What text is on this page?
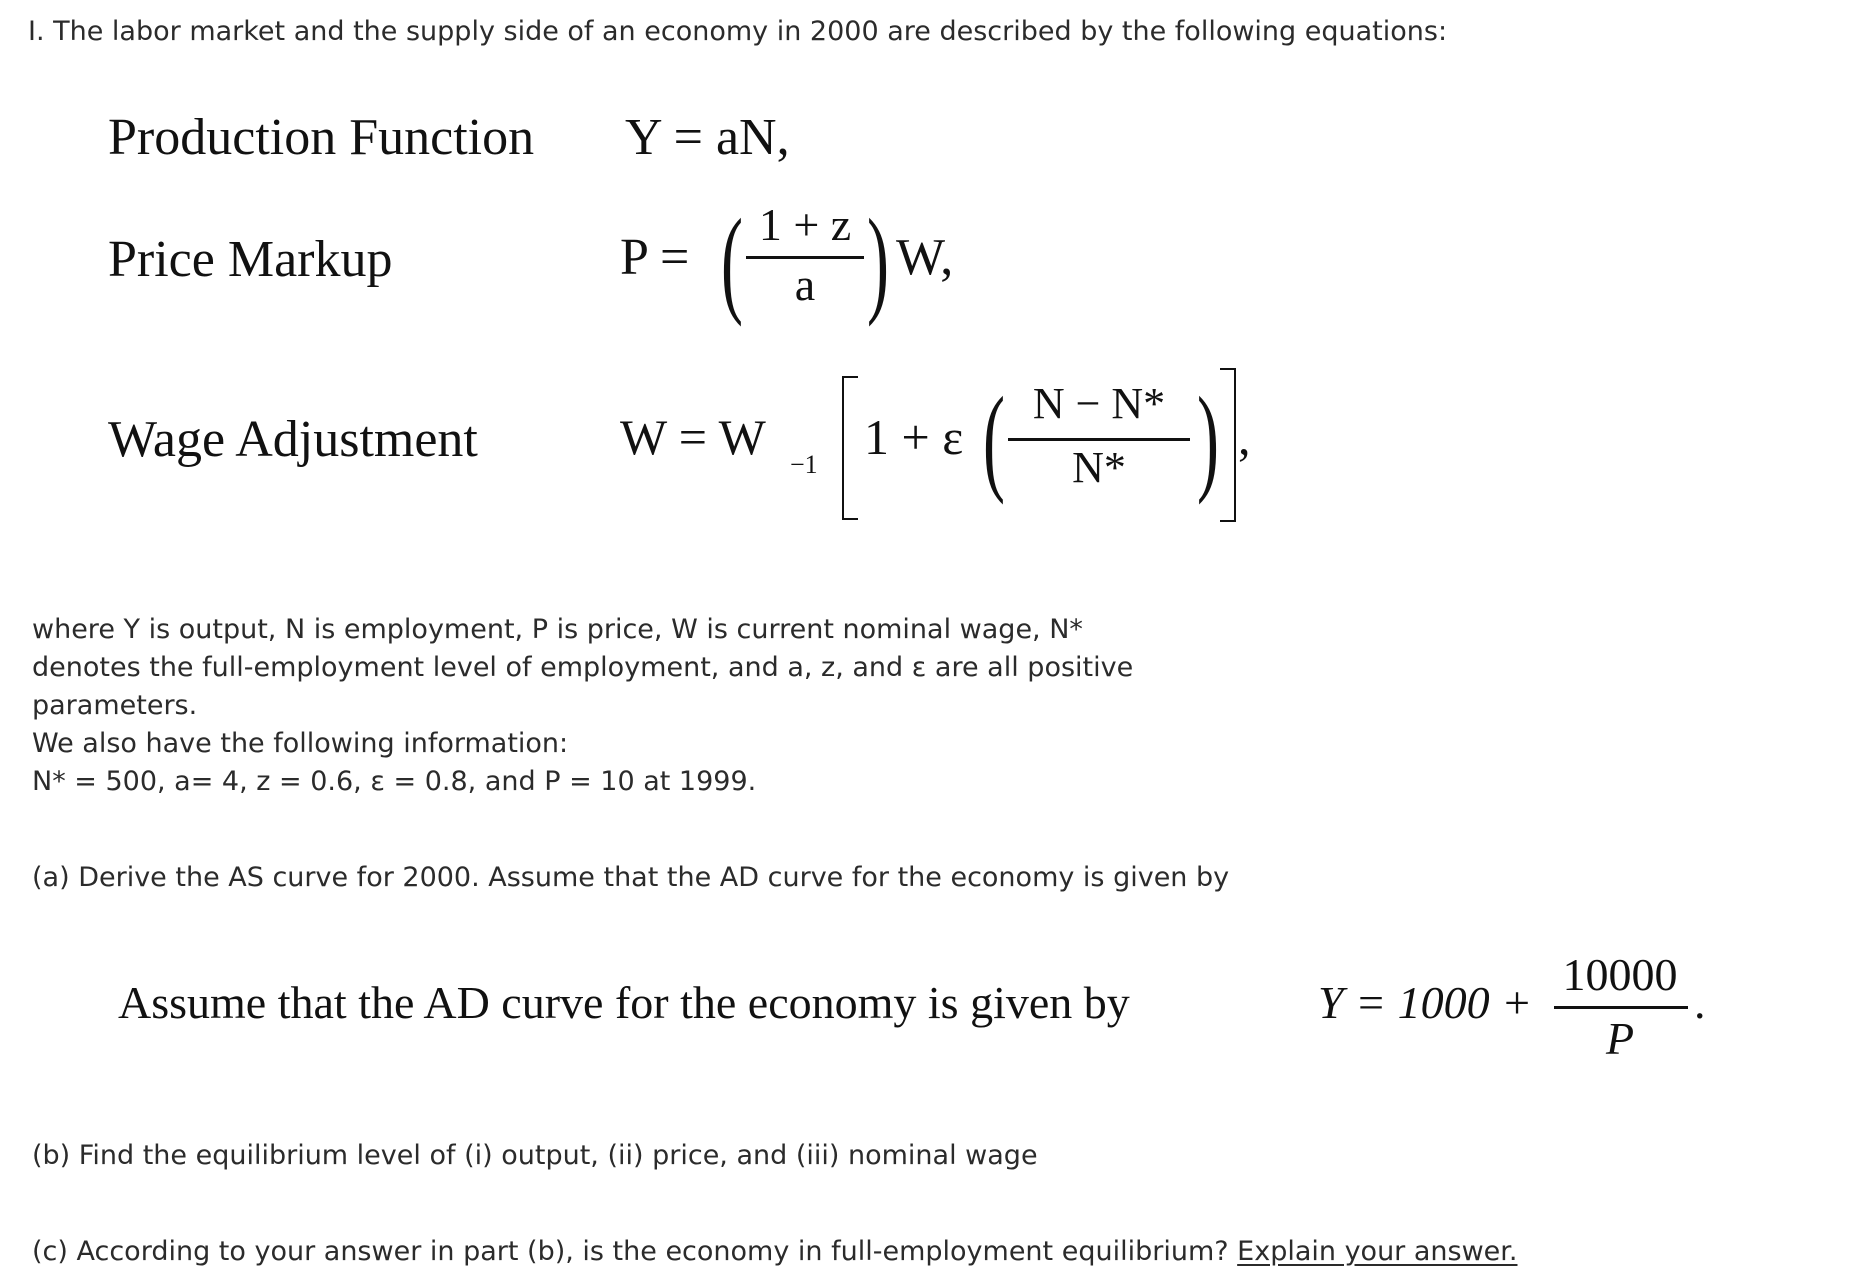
I. The labor market and the supply side of an economy in 2000 are described by the following equations:
Production Function Y = aN,
Price Markup	P = ( 1 + z
a ) W,
Wage Adjustment	W = W −1 1 + ε ( N − N*
N* ) ,
where Y is output, N is employment, P is price, W is current nominal wage, N*
denotes the full-employment level of employment, and a, z, and ε are all positive
parameters.
We also have the following information:
N* = 500, a= 4, z = 0.6, ε = 0.8, and P = 10 at 1999.
(a) Derive the AS curve for 2000. Assume that the AD curve for the economy is given by
Assume that the AD curve for the economy is given by	Y = 1000 +
10000
P
.
(b) Find the equilibrium level of (i) output, (ii) price, and (iii) nominal wage
(c) According to your answer in part (b), is the economy in full-employment equilibrium? Explain your answer.
